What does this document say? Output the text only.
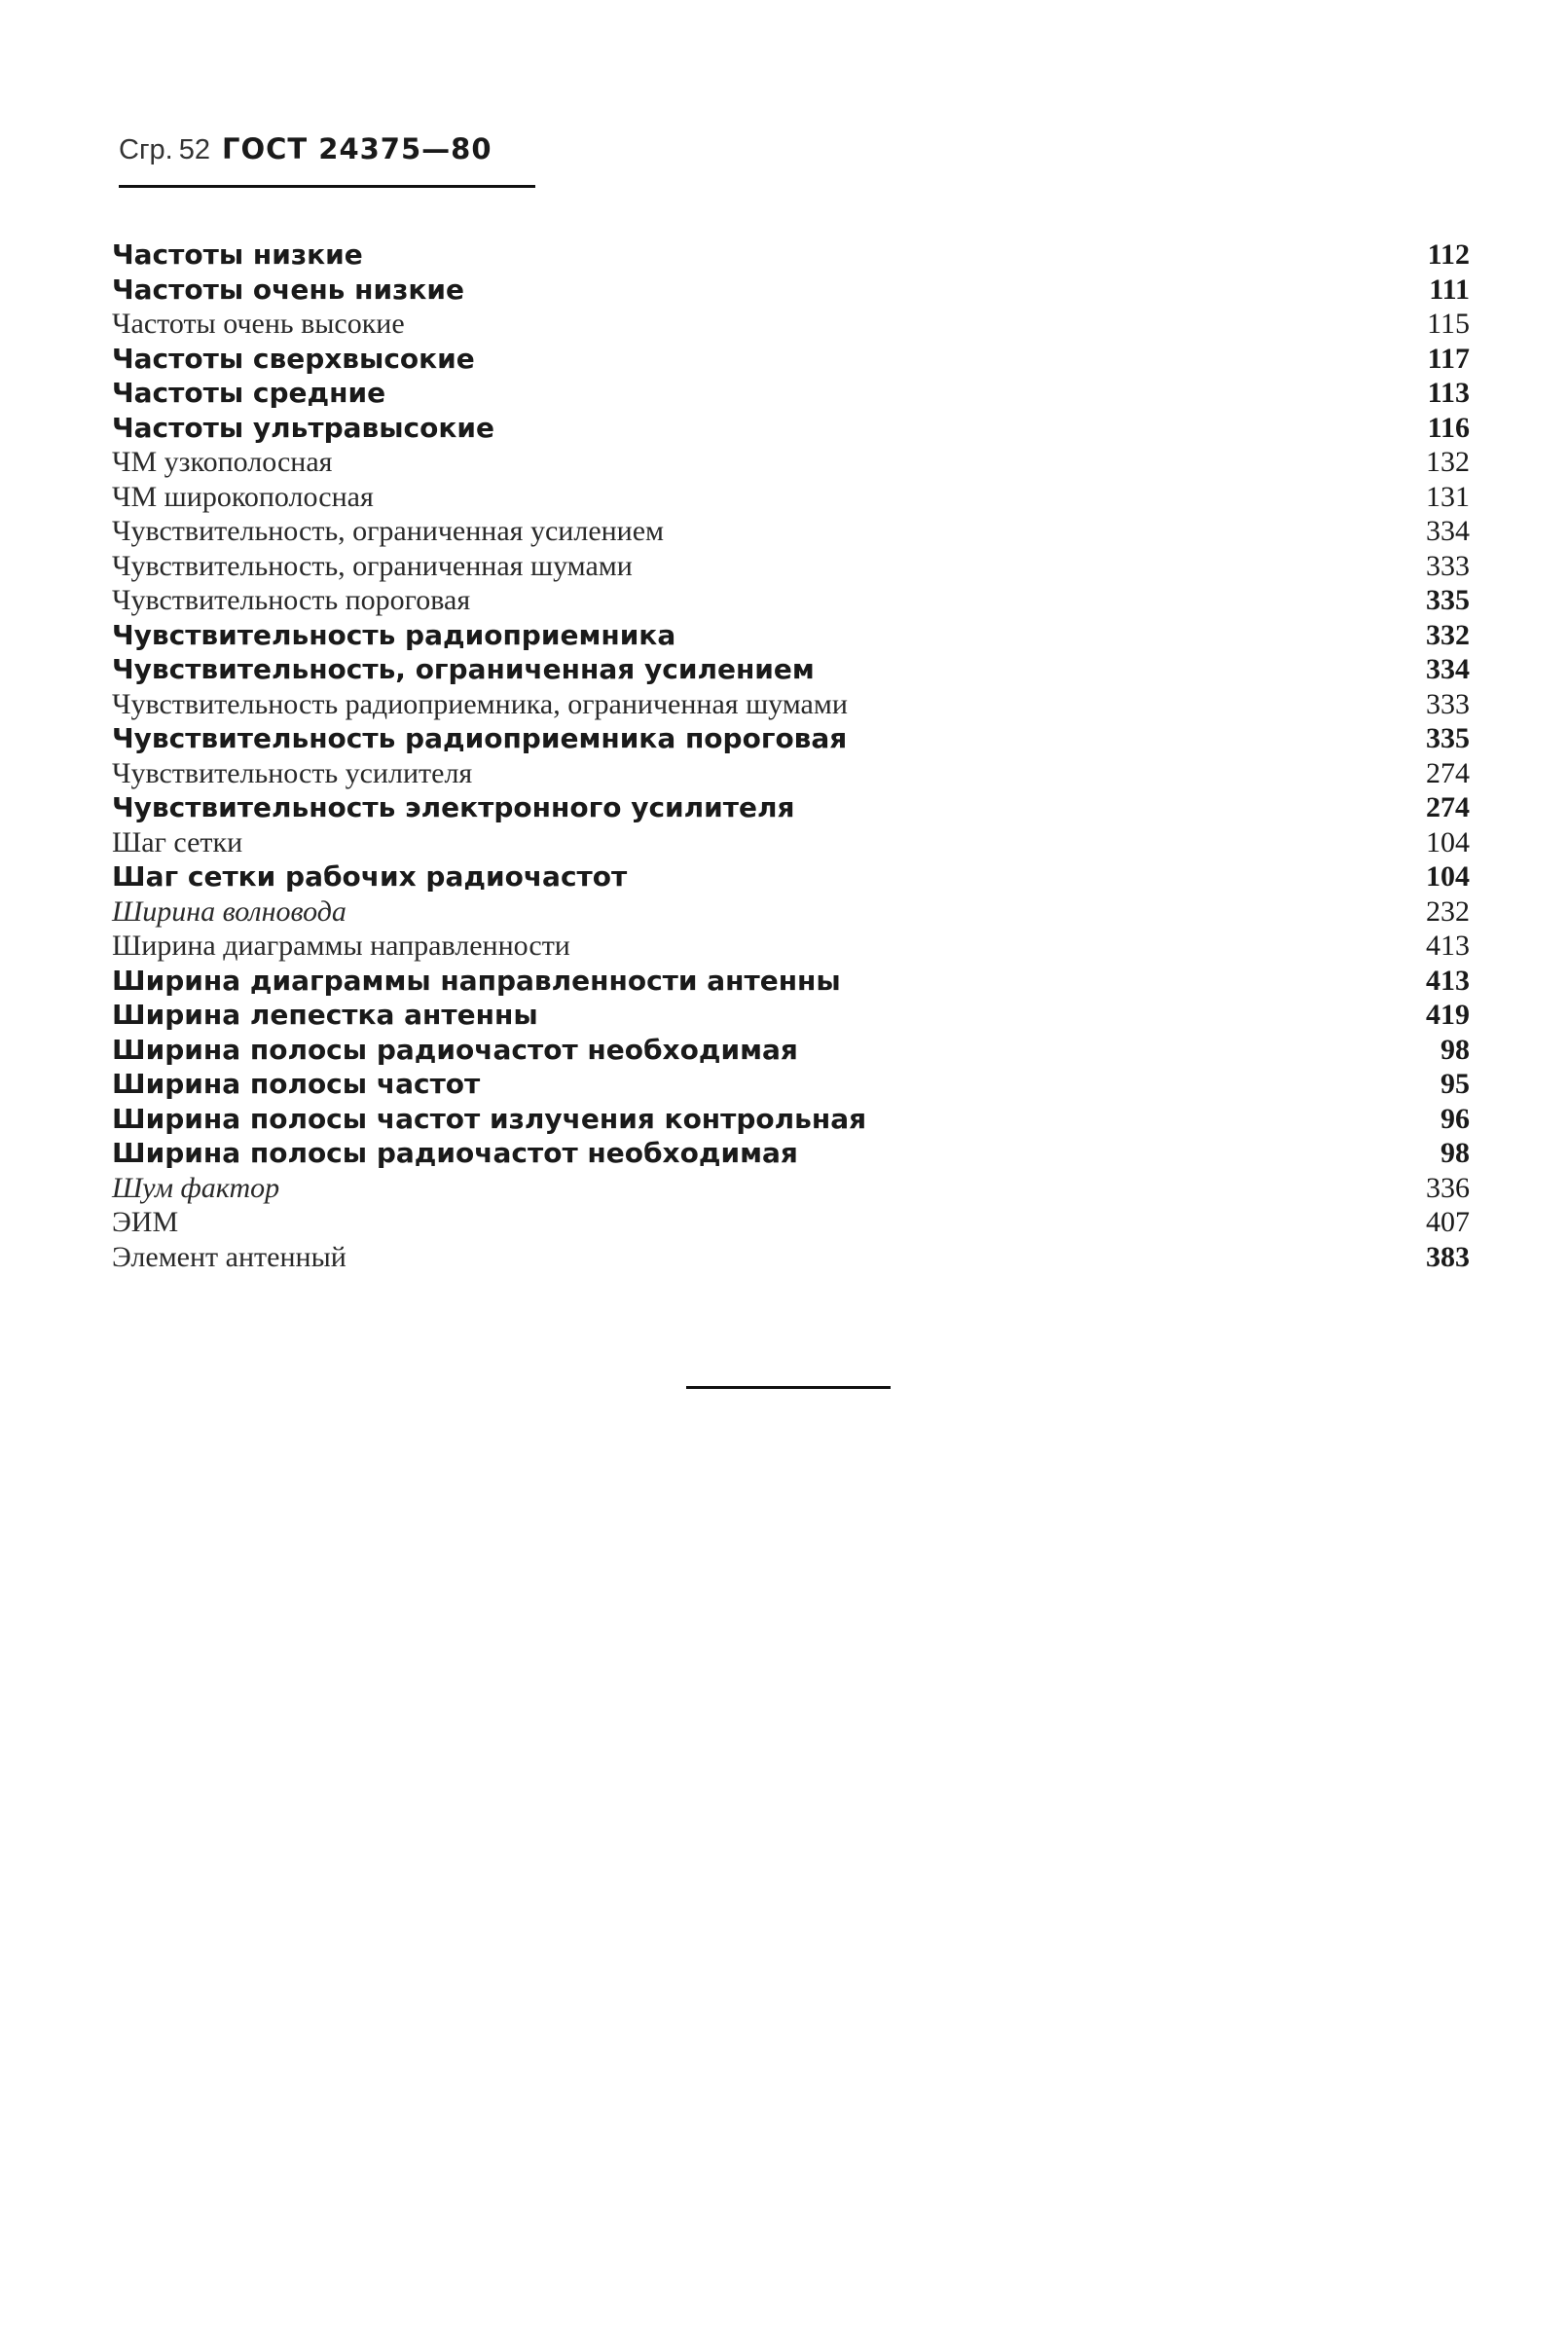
Сгр. 52 ГОСТ 24375—80
Частоты низкие	112
Частоты очень низкие	111
Частоты очень высокие	115
Частоты сверхвысокие	117
Частоты средние	113
Частоты ультравысокие	116
ЧМ узкополосная	132
ЧМ широкополосная	131
Чувствительность, ограниченная усилением	334
Чувствительность, ограниченная шумами	333
Чувствительность пороговая	335
Чувствительность радиоприемника	332
Чувствительность, ограниченная усилением	334
Чувствительность радиоприемника, ограниченная шумами	333
Чувствительность радиоприемника пороговая	335
Чувствительность усилителя	274
Чувствительность электронного усилителя	274
Шаг сетки	104
Шаг сетки рабочих радиочастот	104
Ширина волновода	232
Ширина диаграммы направленности	413
Ширина диаграммы направленности антенны	413
Ширина лепестка антенны	419
Ширина полосы радиочастот необходимая	98
Ширина полосы частот	95
Ширина полосы частот излучения контрольная	96
Ширина полосы радиочастот необходимая	98
Шум фактор	336
ЭИМ	407
Элемент антенный	383
